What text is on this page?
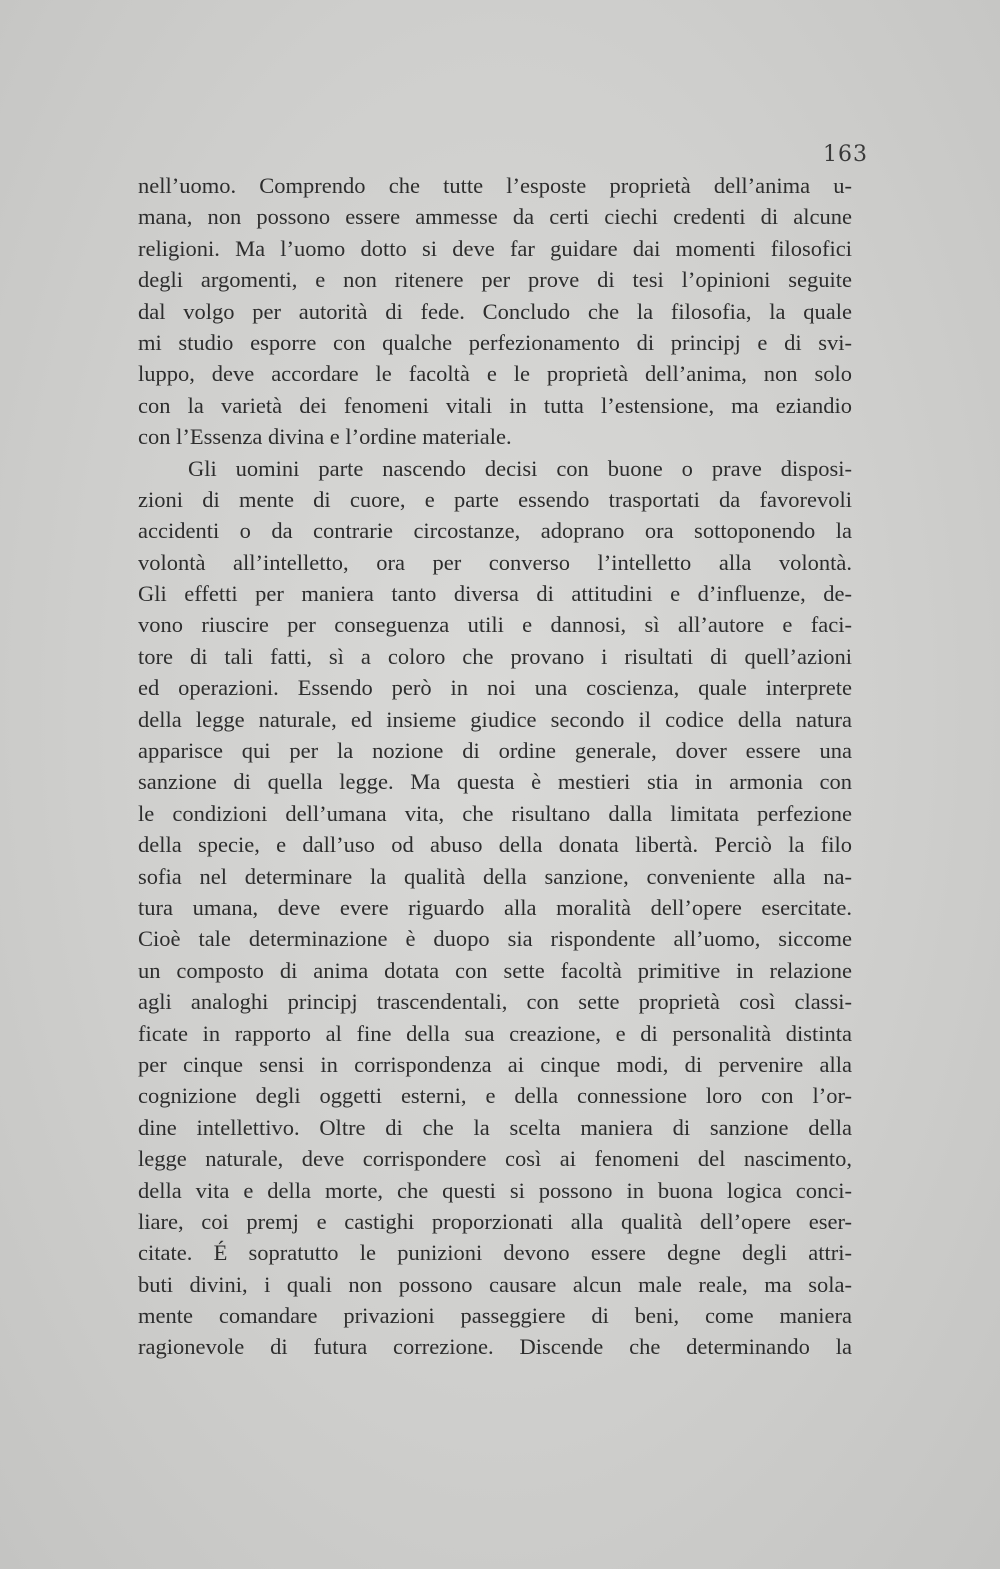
163
nell’uomo. Comprendo che tutte l’esposte proprietà dell’anima u-
mana, non possono essere ammesse da certi ciechi credenti di alcune
religioni. Ma l’uomo dotto si deve far guidare dai momenti filosofici
degli argomenti, e non ritenere per prove di tesi l’opinioni seguite
dal volgo per autorità di fede. Concludo che la filosofia, la quale
mi studio esporre con qualche perfezionamento di principj e di svi-
luppo, deve accordare le facoltà e le proprietà dell’anima, non solo
con la varietà dei fenomeni vitali in tutta l’estensione, ma eziandio
con l’Essenza divina e l’ordine materiale.
Gli uomini parte nascendo decisi con buone o prave disposi-
zioni di mente di cuore, e parte essendo trasportati da favorevoli
accidenti o da contrarie circostanze, adoprano ora sottoponendo la
volontà all’intelletto, ora per converso l’intelletto alla volontà.
Gli effetti per maniera tanto diversa di attitudini e d’influenze, de-
vono riuscire per conseguenza utili e dannosi, sì all’autore e faci-
tore di tali fatti, sì a coloro che provano i risultati di quell’azioni
ed operazioni. Essendo però in noi una coscienza, quale interprete
della legge naturale, ed insieme giudice secondo il codice della natura
apparisce qui per la nozione di ordine generale, dover essere una
sanzione di quella legge. Ma questa è mestieri stia in armonia con
le condizioni dell’umana vita, che risultano dalla limitata perfezione
della specie, e dall’uso od abuso della donata libertà. Perciò la filo
sofia nel determinare la qualità della sanzione, conveniente alla na-
tura umana, deve evere riguardo alla moralità dell’opere esercitate.
Cioè tale determinazione è duopo sia rispondente all’uomo, siccome
un composto di anima dotata con sette facoltà primitive in relazione
agli analoghi principj trascendentali, con sette proprietà così classi-
ficate in rapporto al fine della sua creazione, e di personalità distinta
per cinque sensi in corrispondenza ai cinque modi, di pervenire alla
cognizione degli oggetti esterni, e della connessione loro con l’or-
dine intellettivo. Oltre di che la scelta maniera di sanzione della
legge naturale, deve corrispondere così ai fenomeni del nascimento,
della vita e della morte, che questi si possono in buona logica conci-
liare, coi premj e castighi proporzionati alla qualità dell’opere eser-
citate. É sopratutto le punizioni devono essere degne degli attri-
buti divini, i quali non possono causare alcun male reale, ma sola-
mente comandare privazioni passeggiere di beni, come maniera
ragionevole di futura correzione. Discende che determinando la
